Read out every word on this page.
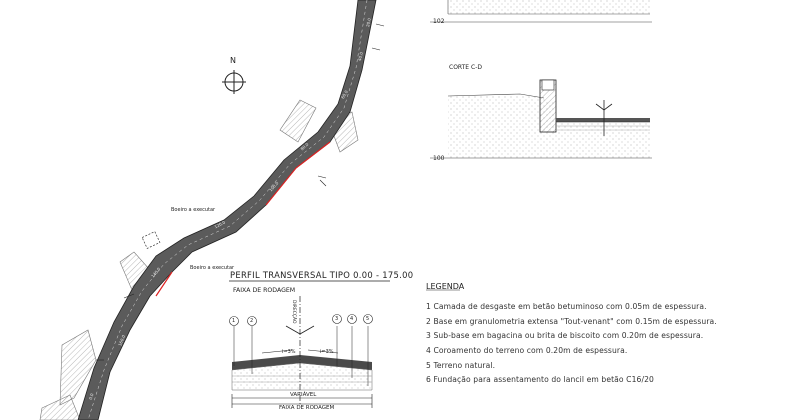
N
Boeiro a executar
Boeiro a executar
102
CORTE C-D
100
PERFIL TRANSVERSAL TIPO 0.00 - 175.00
FAIXA DE RODAGEM
DIRECÇÃO
i=3%	i=3%
VARIÁVEL
FAIXA DE RODAGEM
1	2	3 4	5
20.0
40.0
60.0
80.0
100.0
120.0
140.0
160.0
0.0
LEGENDA
1 Camada de desgaste em betão betuminoso com 0.05m de espessura.
2 Base em granulometria extensa "Tout-venant" com 0.15m de espessura.
3 Sub-base em bagacina ou brita de biscoito com 0.20m de espessura.
4 Coroamento do terreno com 0.20m de espessura.
5 Terreno natural.
6 Fundação para assentamento do lancil em betão C16/20
